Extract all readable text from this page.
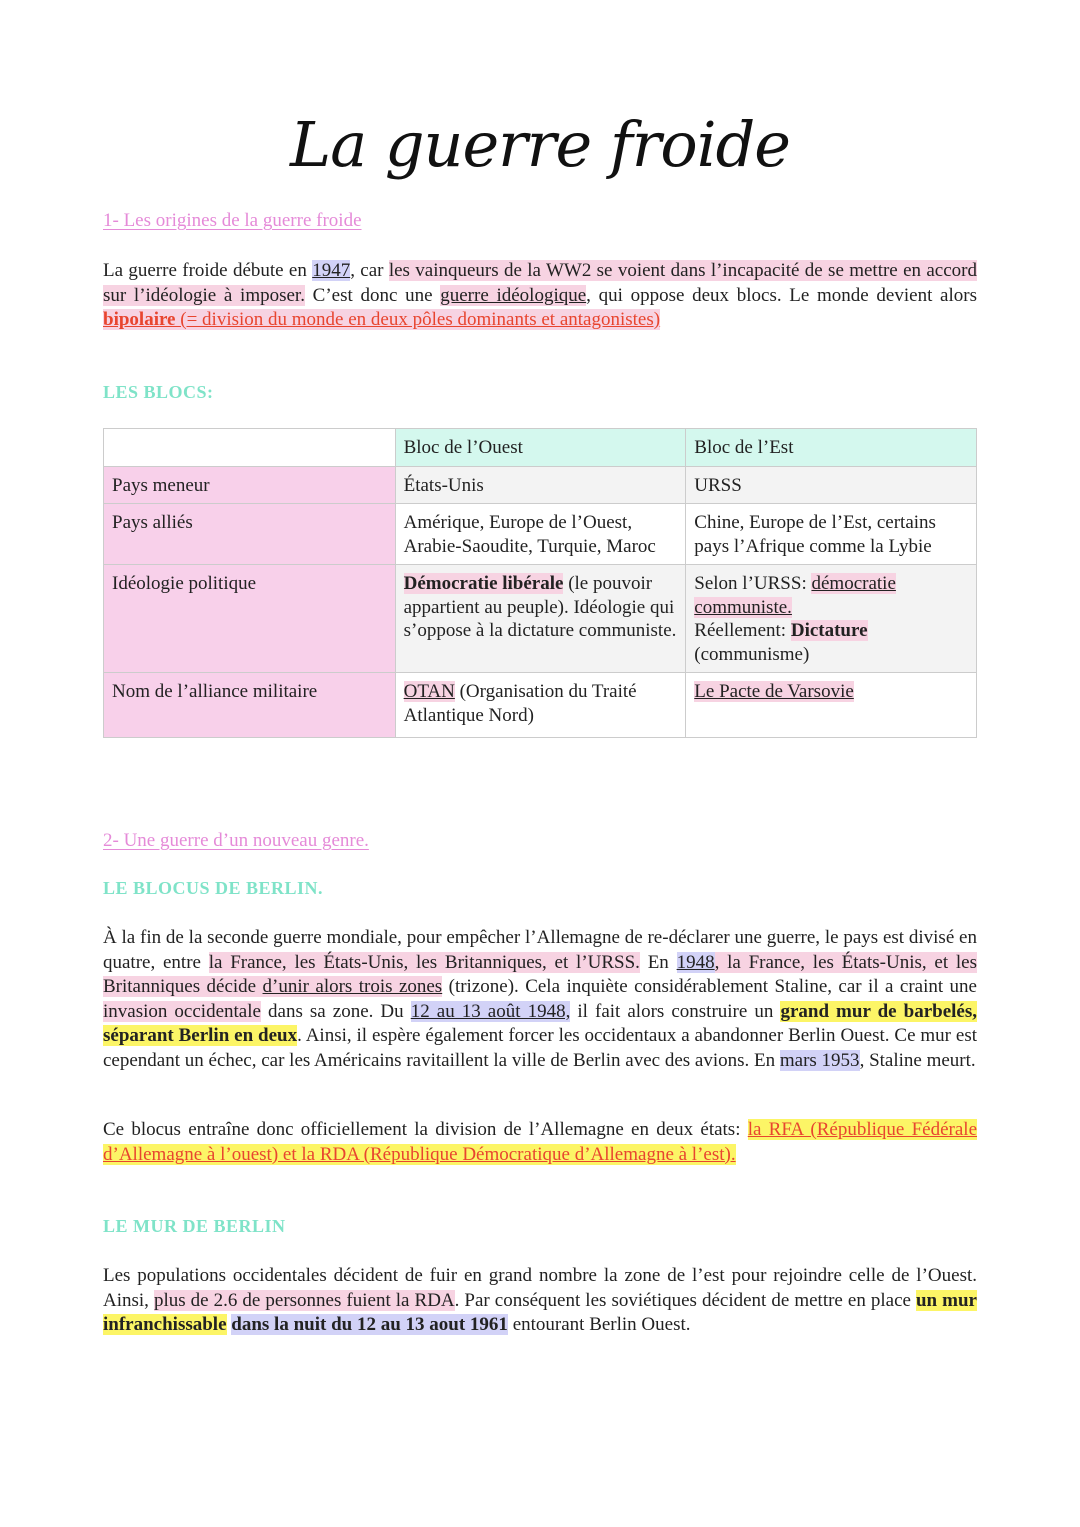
La guerre froide
1- Les origines de la guerre froide

La guerre froide débute en 1947, car les vainqueurs de la WW2 se voient dans l’incapacité de se mettre en accord sur l’idéologie à imposer. C’est donc une guerre idéologique, qui oppose deux blocs. Le monde devient alors bipolaire (= division du monde en deux pôles dominants et antagonistes)

LES BLOCS:
	Bloc de l’Ouest	Bloc de l’Est
Pays meneur	États-Unis	URSS
Pays alliés	Amérique, Europe de l’Ouest, Arabie-Saoudite, Turquie, Maroc	Chine, Europe de l’Est, certains pays l’Afrique comme la Lybie
Idéologie politique	Démocratie libérale (le pouvoir appartient au peuple). Idéologie qui s’oppose à la dictature communiste.	Selon l’URSS: démocratie communiste.
Réellement: Dictature
(communisme)
Nom de l’alliance militaire	OTAN (Organisation du Traité Atlantique Nord)	Le Pacte de Varsovie
2- Une guerre d’un nouveau genre.
LE BLOCUS DE BERLIN.

À la fin de la seconde guerre mondiale, pour empêcher l’Allemagne de re-déclarer une guerre, le pays est divisé en quatre, entre la France, les États-Unis, les Britanniques, et l’URSS. En 1948, la France, les États-Unis, et les Britanniques décide d’unir alors trois zones (trizone). Cela inquiète considérablement Staline, car il a craint une invasion occidentale dans sa zone. Du 12 au 13 août 1948, il fait alors construire un grand mur de barbelés, séparant Berlin en deux. Ainsi, il espère également forcer les occidentaux a abandonner Berlin Ouest. Ce mur est cependant un échec, car les Américains ravitaillent la ville de Berlin avec des avions. En mars 1953, Staline meurt.

Ce blocus entraîne donc officiellement la division de l’Allemagne en deux états: la RFA (République Fédérale d’Allemagne à l’ouest) et la RDA (République Démocratique d’Allemagne à l’est).

LE MUR DE BERLIN

Les populations occidentales décident de fuir en grand nombre la zone de l’est pour rejoindre celle de l’Ouest. Ainsi, plus de 2.6 de personnes fuient la RDA. Par conséquent les soviétiques décident de mettre en place un mur infranchissable dans la nuit du 12 au 13 aout 1961 entourant Berlin Ouest.
